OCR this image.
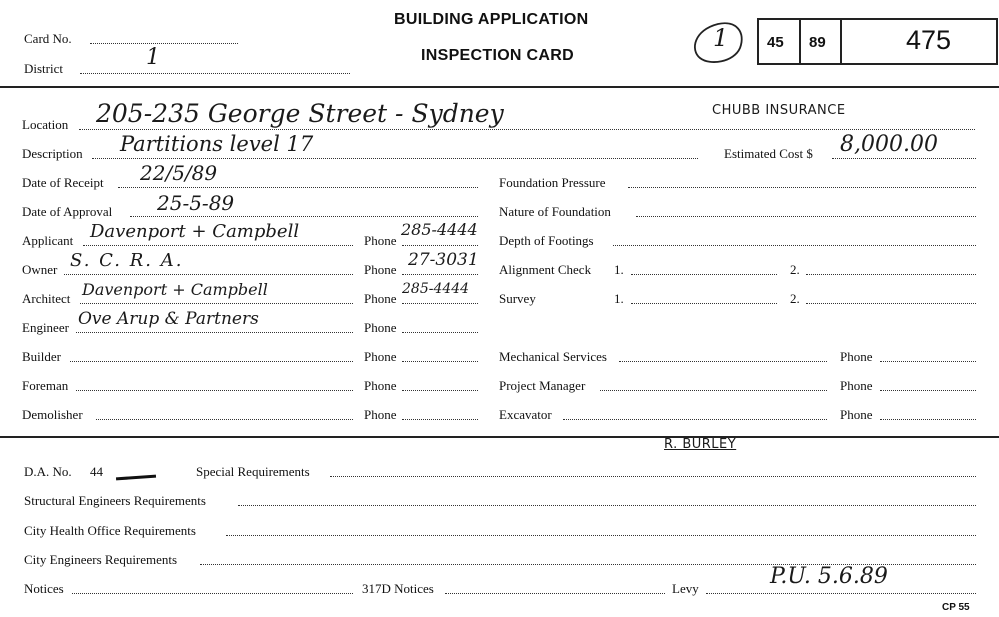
Card No.
District	1
BUILDING APPLICATION
INSPECTION CARD
1	45 89	475
CHUBB INSURANCE
Location 205-235 George Street - Sydney
Description Partitions level 17	Estimated Cost $ 8,000.00
Date of Receipt 22/5/89
Date of Approval 25-5-89
Applicant Davenport + Campbell	Phone
285-4444
Owner S. C. R. A.	Phone 27-3031
Architect Davenport + Campbell	Phone
285-4444
Engineer Ove Arup & Partners	Phone
Builder	Phone
Foreman	Phone
Demolisher	Phone
Foundation Pressure
Nature of Foundation
Depth of Footings
Alignment Check 1.	2.
Survey	1.	2.
Mechanical Services	Phone
Project Manager	Phone
Excavator	Phone
R. BURLEY
D.A. No. 44	Special Requirements
Structural Engineers Requirements
City Health Office Requirements
City Engineers Requirements
Notices	317D Notices	Levy	P.U. 5.6.89
CP 55
